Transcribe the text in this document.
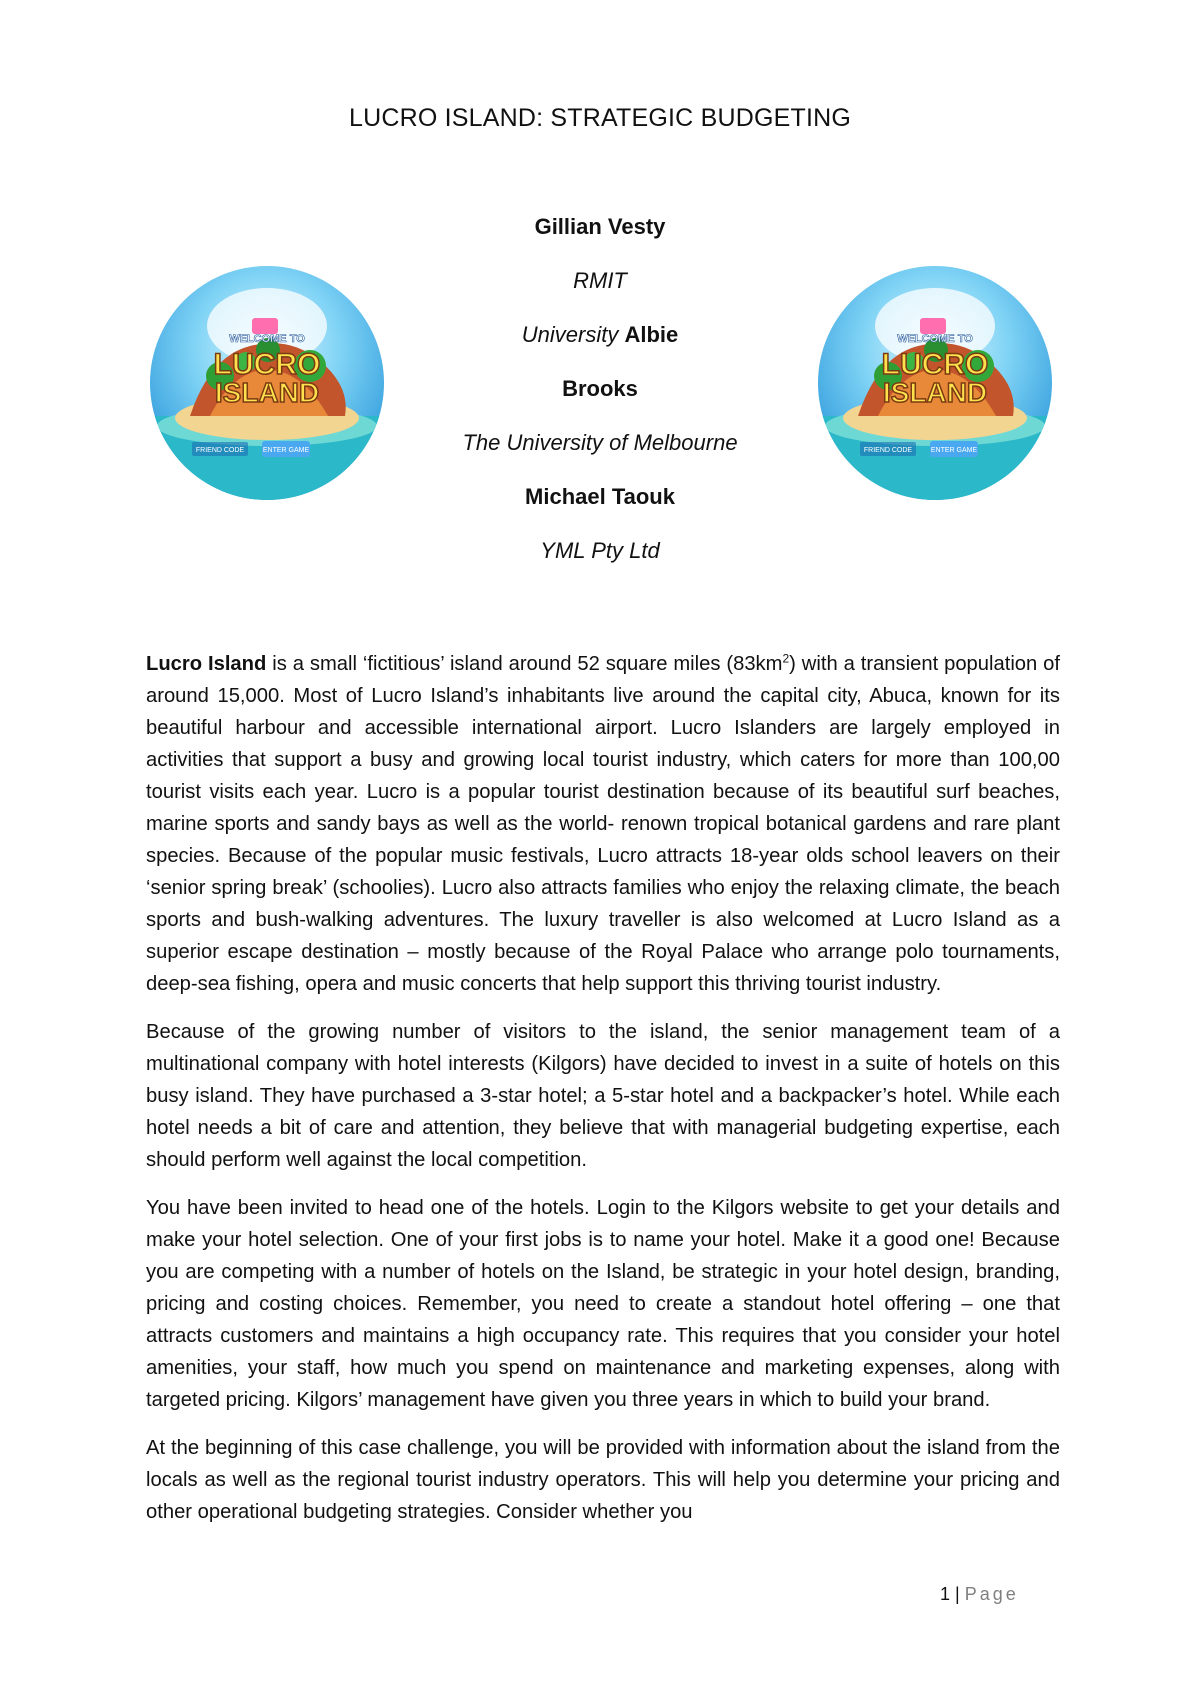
LUCRO ISLAND: STRATEGIC BUDGETING
WELCOME TO
LUCRO
ISLAND
FRIEND CODE	ENTER GAME
WELCOME TO
LUCRO
ISLAND
FRIEND CODE	ENTER GAME
Gillian Vesty
RMIT
University Albie
Brooks
The University of Melbourne
Michael Taouk
YML Pty Ltd

Lucro Island is a small ‘fictitious’ island around 52 square miles $(83km^2)$ with a transient population of around 15,000. Most of Lucro Island’s inhabitants live around the capital city, Abuca, known for its beautiful harbour and accessible international airport. Lucro Islanders are largely employed in activities that support a busy and growing local tourist industry, which caters for more than 100,00 tourist visits each year. Lucro is a popular tourist destination because of its beautiful surf beaches, marine sports and sandy bays as well as the world- renown tropical botanical gardens and rare plant species. Because of the popular music festivals, Lucro attracts 18-year olds school leavers on their ‘senior spring break’ (schoolies). Lucro also attracts families who enjoy the relaxing climate, the beach sports and bush-walking adventures. The luxury traveller is also welcomed at Lucro Island as a superior escape destination – mostly because of the Royal Palace who arrange polo tournaments, deep-sea fishing, opera and music concerts that help support this thriving tourist industry.

Because of the growing number of visitors to the island, the senior management team of a multinational company with hotel interests (Kilgors) have decided to invest in a suite of hotels on this busy island. They have purchased a 3-star hotel; a 5-star hotel and a backpacker’s hotel. While each hotel needs a bit of care and attention, they believe that with managerial budgeting expertise, each should perform well against the local competition.

You have been invited to head one of the hotels. Login to the Kilgors website to get your details and make your hotel selection. One of your first jobs is to name your hotel. Make it a good one! Because you are competing with a number of hotels on the Island, be strategic in your hotel design, branding, pricing and costing choices. Remember, you need to create a standout hotel offering – one that attracts customers and maintains a high occupancy rate. This requires that you consider your hotel amenities, your staff, how much you spend on maintenance and marketing expenses, along with targeted pricing. Kilgors’ management have given you three years in which to build your brand.

At the beginning of this case challenge, you will be provided with information about the island from the locals as well as the regional tourist industry operators. This will help you determine your pricing and other operational budgeting strategies. Consider whether you

1 | Page
